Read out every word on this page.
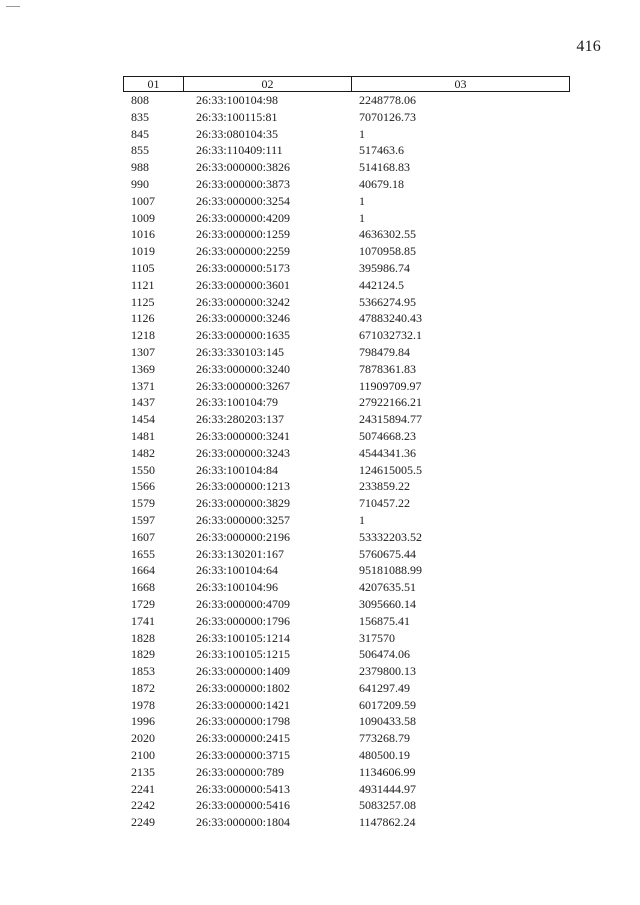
416
01	02	03
808	26:33:100104:98	2248778.06
835	26:33:100115:81	7070126.73
845	26:33:080104:35	1
855	26:33:110409:111	517463.6
988	26:33:000000:3826	514168.83
990	26:33:000000:3873	40679.18
1007	26:33:000000:3254	1
1009	26:33:000000:4209	1
1016	26:33:000000:1259	4636302.55
1019	26:33:000000:2259	1070958.85
1105	26:33:000000:5173	395986.74
1121	26:33:000000:3601	442124.5
1125	26:33:000000:3242	5366274.95
1126	26:33:000000:3246	47883240.43
1218	26:33:000000:1635	671032732.1
1307	26:33:330103:145	798479.84
1369	26:33:000000:3240	7878361.83
1371	26:33:000000:3267	11909709.97
1437	26:33:100104:79	27922166.21
1454	26:33:280203:137	24315894.77
1481	26:33:000000:3241	5074668.23
1482	26:33:000000:3243	4544341.36
1550	26:33:100104:84	124615005.5
1566	26:33:000000:1213	233859.22
1579	26:33:000000:3829	710457.22
1597	26:33:000000:3257	1
1607	26:33:000000:2196	53332203.52
1655	26:33:130201:167	5760675.44
1664	26:33:100104:64	95181088.99
1668	26:33:100104:96	4207635.51
1729	26:33:000000:4709	3095660.14
1741	26:33:000000:1796	156875.41
1828	26:33:100105:1214	317570
1829	26:33:100105:1215	506474.06
1853	26:33:000000:1409	2379800.13
1872	26:33:000000:1802	641297.49
1978	26:33:000000:1421	6017209.59
1996	26:33:000000:1798	1090433.58
2020	26:33:000000:2415	773268.79
2100	26:33:000000:3715	480500.19
2135	26:33:000000:789	1134606.99
2241	26:33:000000:5413	4931444.97
2242	26:33:000000:5416	5083257.08
2249	26:33:000000:1804	1147862.24
